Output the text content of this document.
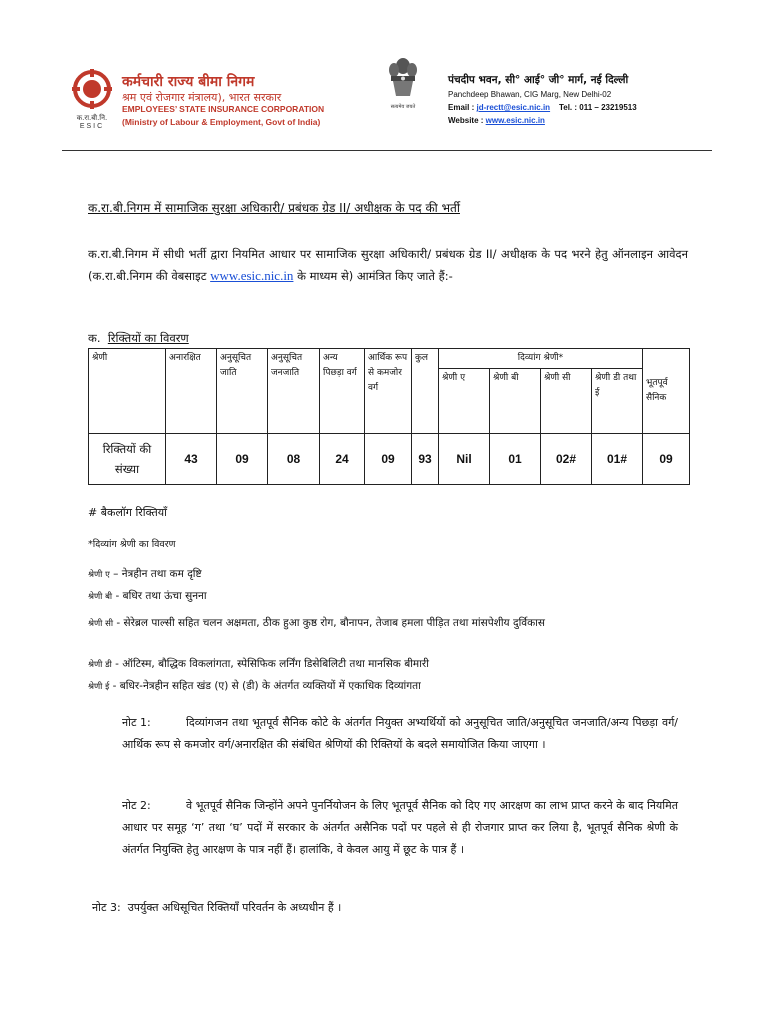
क.रा.बी.नि.
ESIC
कर्मचारी राज्य बीमा निगम
श्रम एवं रोजगार मंत्रालय), भारत सरकार
EMPLOYEES’ STATE INSURANCE CORPORATION
(Ministry of Labour & Employment, Govt of India)
सत्यमेव जयते
पंचदीप भवन, सी° आई° जी° मार्ग, नई दिल्ली
Panchdeep Bhawan, CIG Marg, New Delhi-02
Email : jd-rectt@esic.nic.in Tel. : 011 – 23219513
Website : www.esic.nic.in
क.रा.बी.निगम में सामाजिक सुरक्षा अधिकारी/ प्रबंधक ग्रेड II/ अधीक्षक के पद की भर्ती
क.रा.बी.निगम में सीधी भर्ती द्वारा नियमित आधार पर सामाजिक सुरक्षा अधिकारी/ प्रबंधक ग्रेड II/ अधीक्षक के पद भरने हेतु ऑनलाइन आवेदन (क.रा.बी.निगम की वेबसाइट www.esic.nic.in के माध्यम से) आमंत्रित किए जाते हैं:-
क. रिक्तियों का विवरण
श्रेणी	अनारक्षित	अनुसूचित जाति	अनुसूचित जनजाति	अन्य पिछड़ा वर्ग	आर्थिक रूप से कमजोर वर्ग	कुल	दिव्यांग श्रेणी*				भूतपूर्व सैनिक
							श्रेणी ए	श्रेणी बी	श्रेणी सी	श्रेणी डी तथा ई	
रिक्तियों की संख्या	43	09	08	24	09	93	Nil	01	02#	01#	09
# बैकलॉग रिक्तियाँ
*दिव्यांग श्रेणी का विवरण
श्रेणी ए – नेत्रहीन तथा कम दृष्टि
श्रेणी बी - बधिर तथा ऊंचा सुनना
श्रेणी सी - सेरेब्रल पाल्सी सहित चलन अक्षमता, ठीक हुआ कुष्ठ रोग, बौनापन, तेजाब हमला पीड़ित तथा मांसपेशीय दुर्विकास
श्रेणी डी - ऑटिस्म, बौद्धिक विकलांगता, स्पेसिफिक लर्निंग डिसेबिलिटी तथा मानसिक बीमारी
श्रेणी ई - बधिर-नेत्रहीन सहित खंड (ए) से (डी) के अंतर्गत व्यक्तियों में एकाधिक दिव्यांगता
नोट 1:	दिव्यांगजन तथा भूतपूर्व सैनिक कोटे के अंतर्गत नियुक्त अभ्यर्थियों को अनुसूचित जाति/अनुसूचित जनजाति/अन्य पिछड़ा वर्ग/ आर्थिक रूप से कमजोर वर्ग/अनारक्षित की संबंधित श्रेणियों की रिक्तियों के बदले समायोजित किया जाएगा ।
नोट 2:	वे भूतपूर्व सैनिक जिन्होंने अपने पुनर्नियोजन के लिए भूतपूर्व सैनिक को दिए गए आरक्षण का लाभ प्राप्त करने के बाद नियमित आधार पर समूह ‘ग’ तथा ‘घ’ पदों में सरकार के अंतर्गत असैनिक पदों पर पहले से ही रोजगार प्राप्त कर लिया है, भूतपूर्व सैनिक श्रेणी के अंतर्गत नियुक्ति हेतु आरक्षण के पात्र नहीं हैं। हालांकि, वे केवल आयु में छूट के पात्र हैं ।
नोट 3: उपर्युक्त अधिसूचित रिक्तियाँ परिवर्तन के अध्यधीन हैं ।
